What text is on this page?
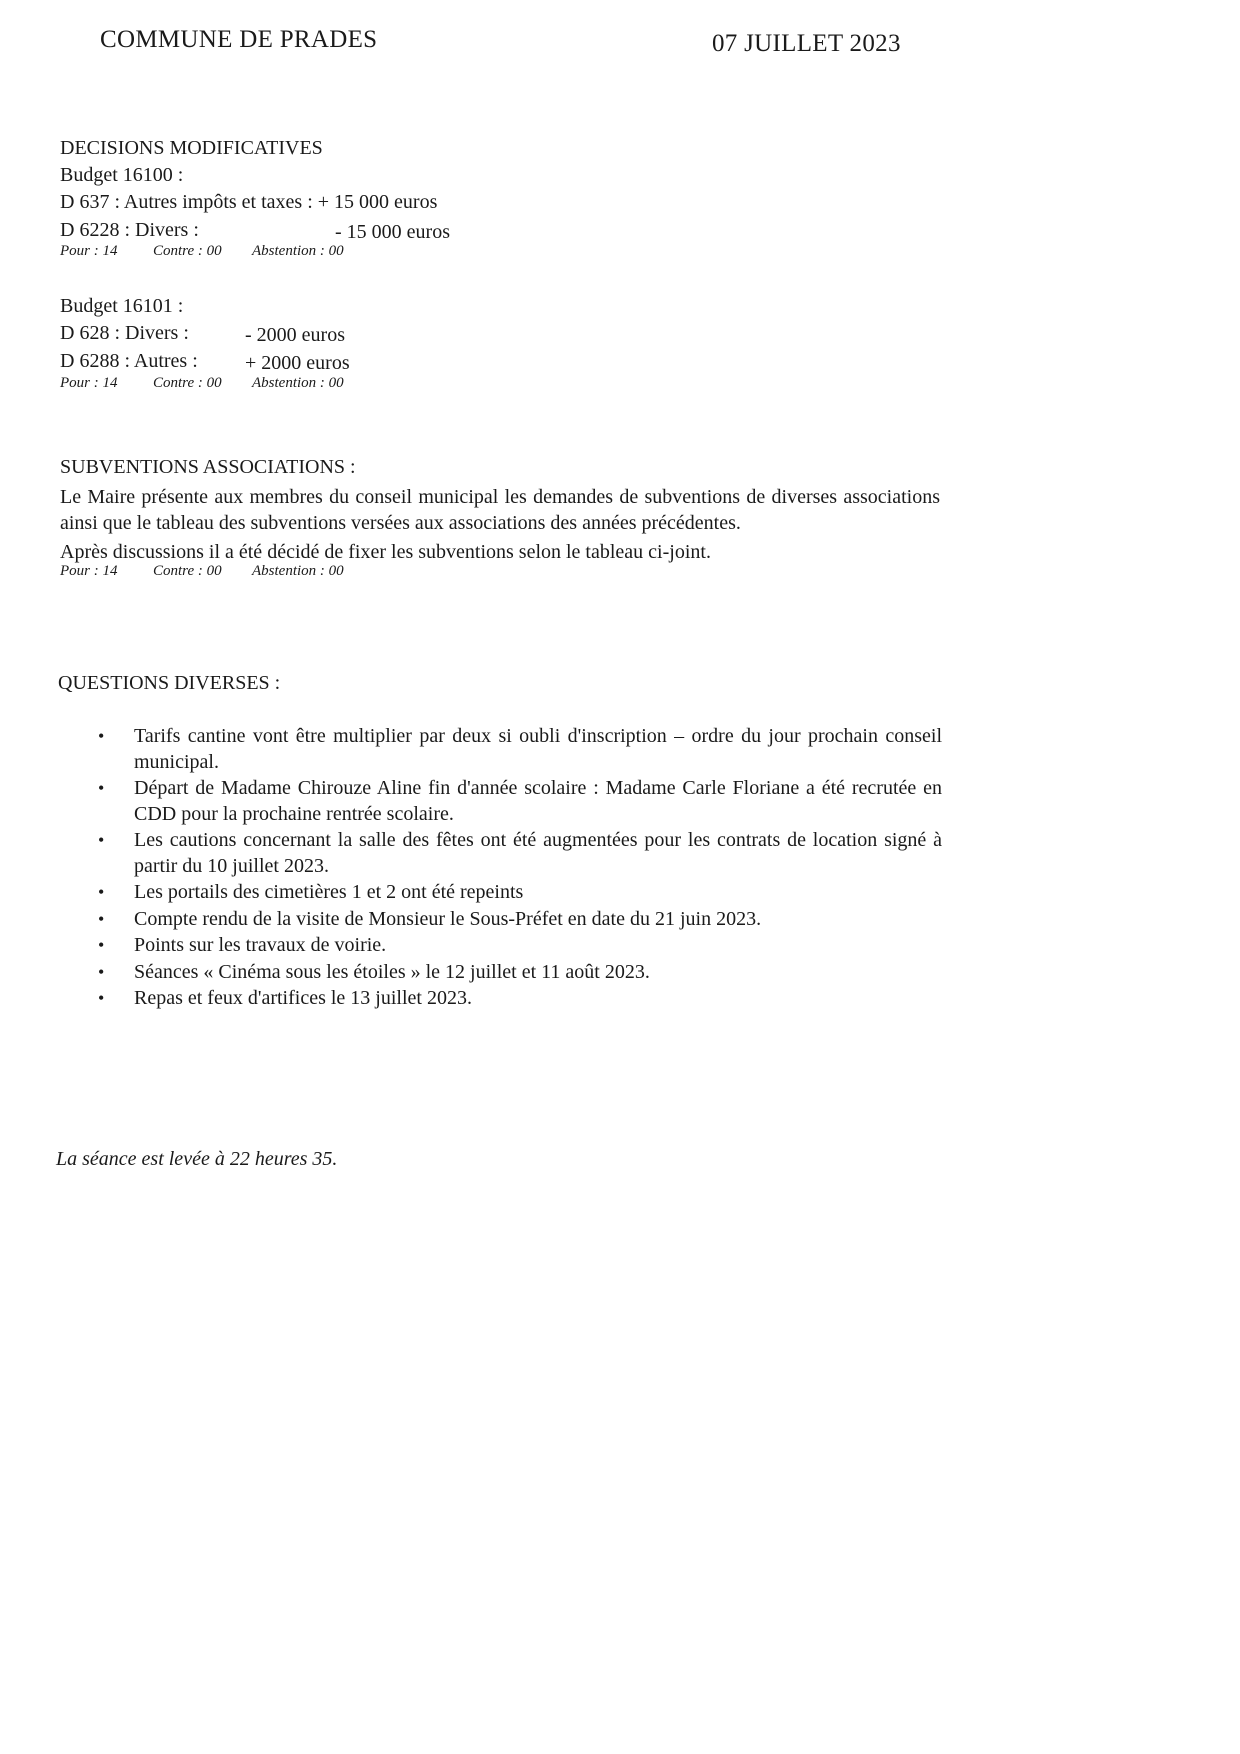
COMMUNE DE PRADES	07 JUILLET 2023
DECISIONS MODIFICATIVES
Budget 16100 :
D 637 : Autres impôts et taxes : + 15 000 euros
D 6228 : Divers :	- 15 000 euros
Pour : 14 Contre : 00 Abstention : 00
Budget 16101 :
D 628 : Divers :	- 2000 euros
D 6288 : Autres : + 2000 euros
Pour : 14 Contre : 00 Abstention : 00
SUBVENTIONS ASSOCIATIONS :
Le Maire présente aux membres du conseil municipal les demandes de subventions de diverses associations ainsi que le tableau des subventions versées aux associations des années précédentes.
Après discussions il a été décidé de fixer les subventions selon le tableau ci-joint.
Pour : 14 Contre : 00 Abstention : 00
QUESTIONS DIVERSES :
• Tarifs cantine vont être multiplier par deux si oubli d'inscription – ordre du jour prochain conseil municipal.
• Départ de Madame Chirouze Aline fin d'année scolaire : Madame Carle Floriane a été recrutée en CDD pour la prochaine rentrée scolaire.
• Les cautions concernant la salle des fêtes ont été augmentées pour les contrats de location signé à partir du 10 juillet 2023.
• Les portails des cimetières 1 et 2 ont été repeints
• Compte rendu de la visite de Monsieur le Sous-Préfet en date du 21 juin 2023.
• Points sur les travaux de voirie.
• Séances « Cinéma sous les étoiles » le 12 juillet et 11 août 2023.
• Repas et feux d'artifices le 13 juillet 2023.
La séance est levée à 22 heures 35.
